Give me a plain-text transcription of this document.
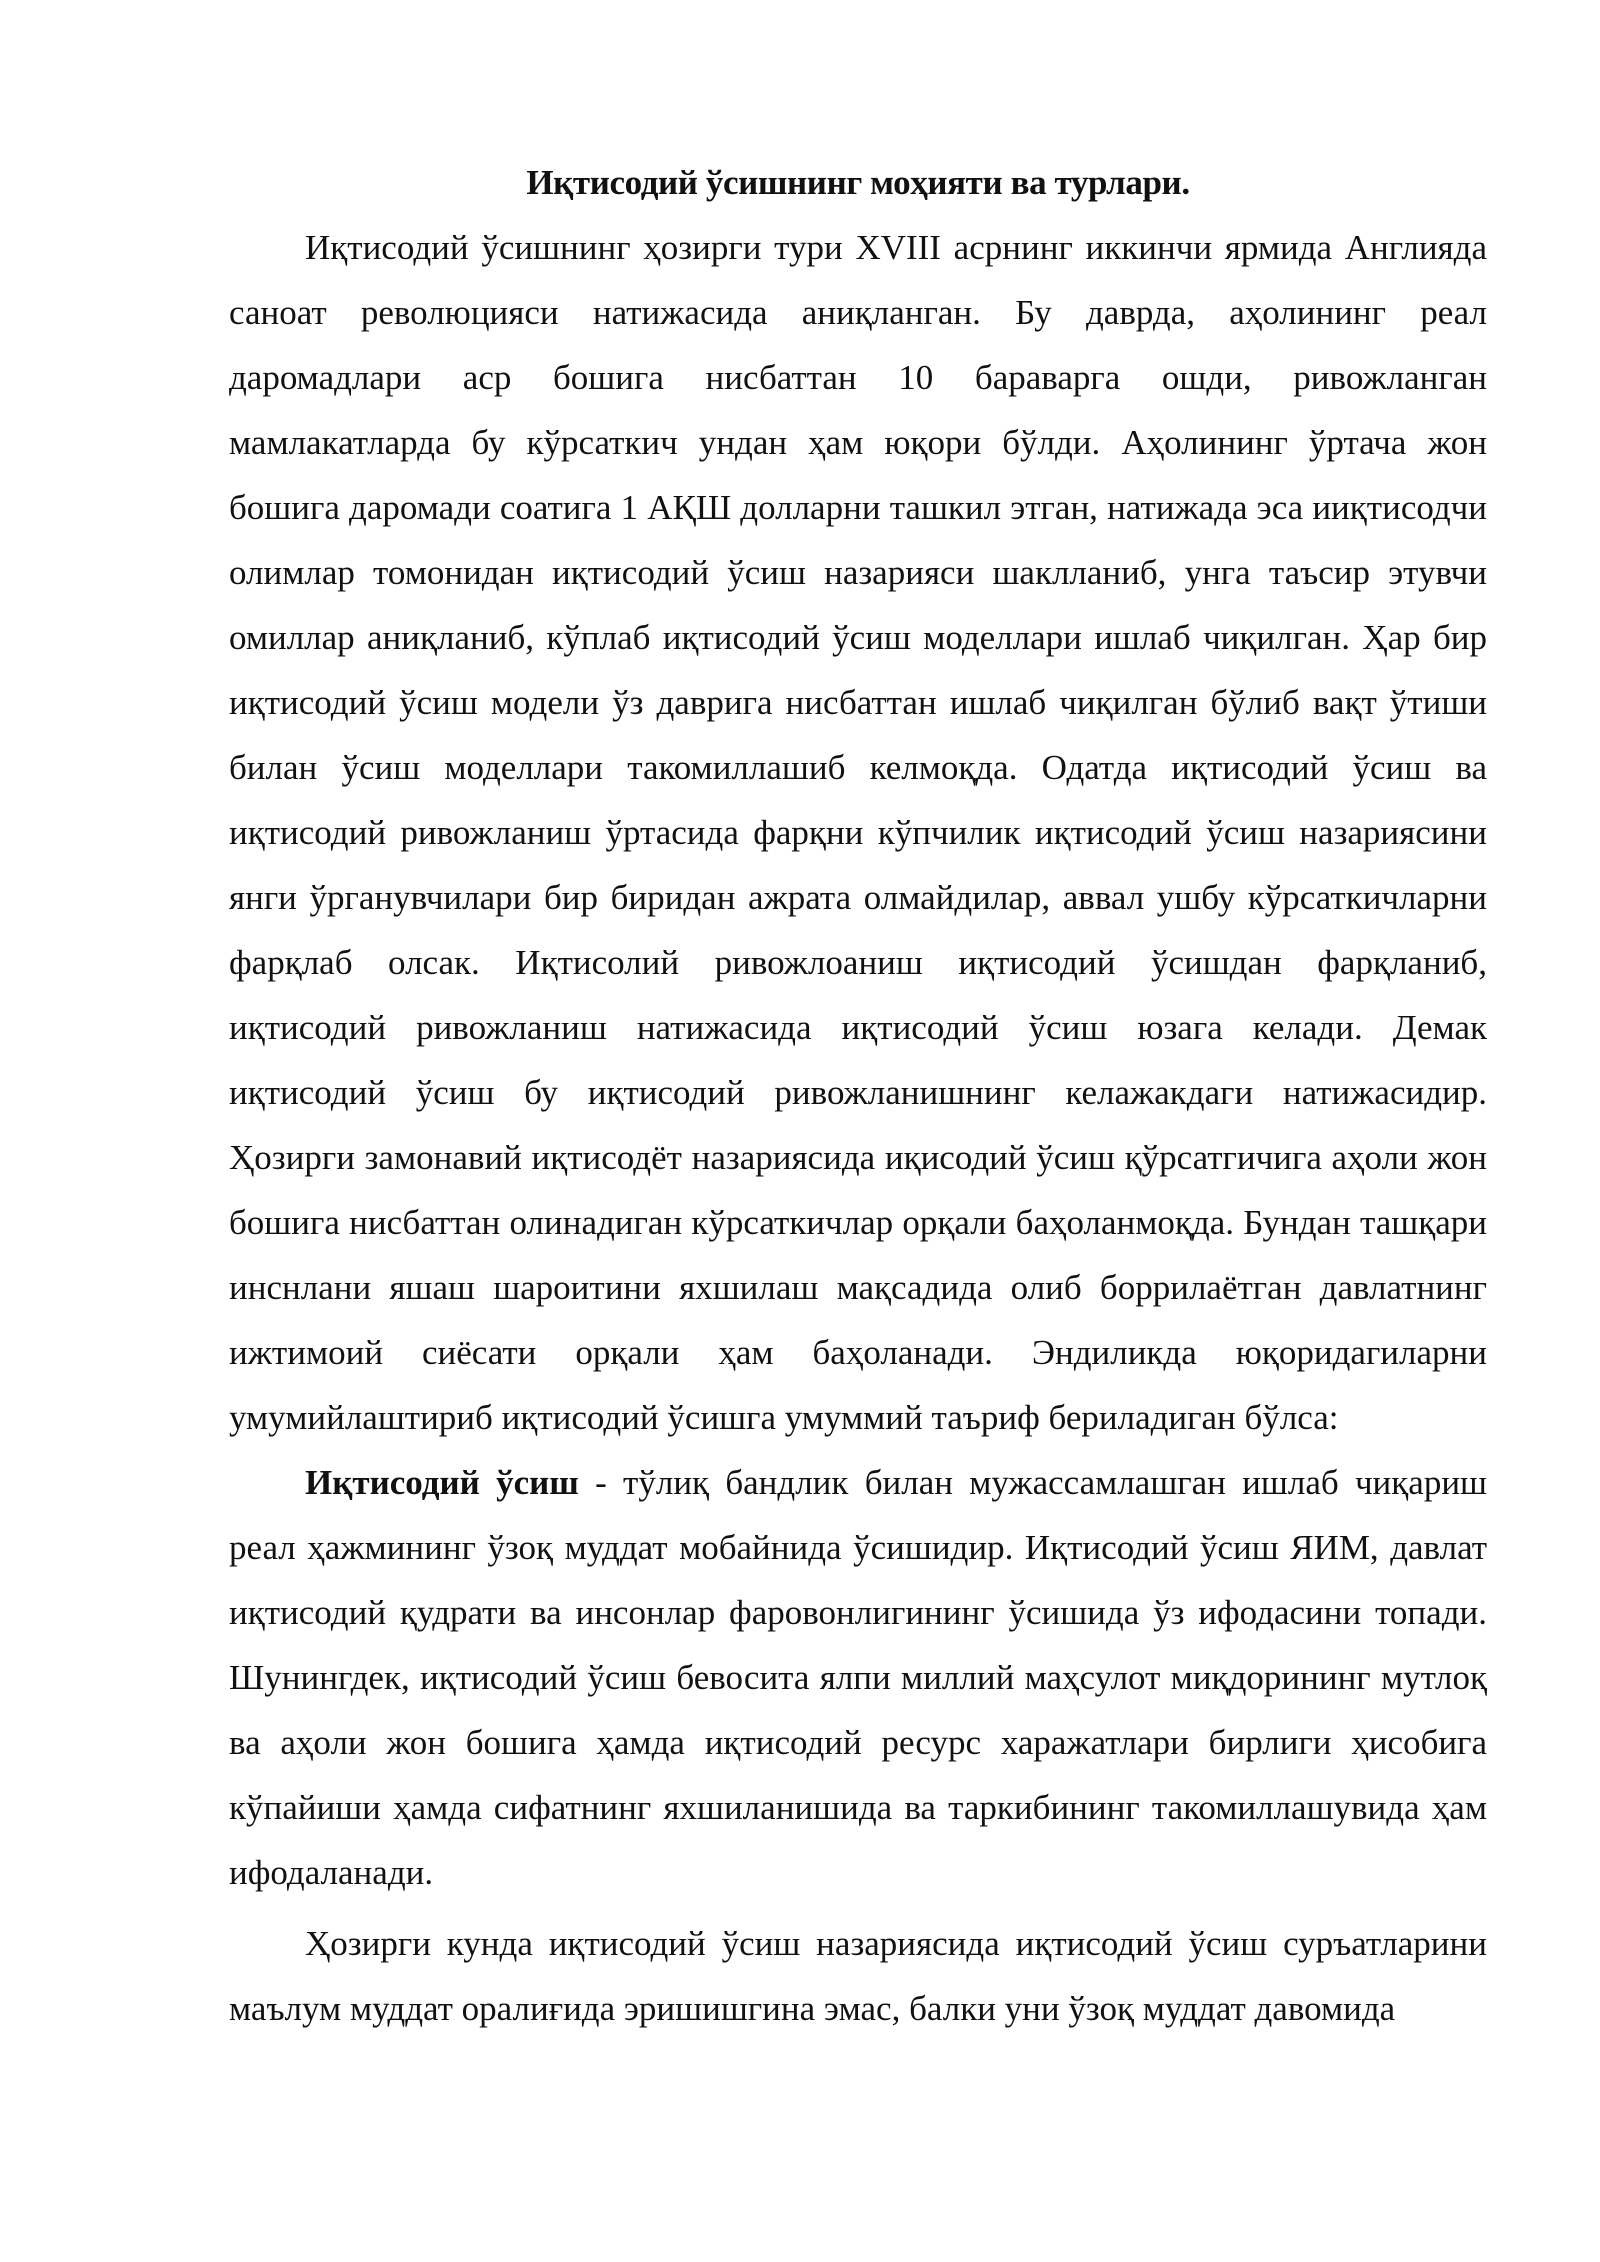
Иқтисодий ўсишнинг моҳияти ва турлари.

Иқтисодий ўсишнинг ҳозирги тури XVIII асрнинг иккинчи ярмида Англияда саноат революцияси натижасида аниқланган. Бу даврда, аҳолининг реал даромадлари аср бошига нисбаттан 10 бараварга ошди, ривожланган мамлакатларда бу кўрсаткич ундан ҳам юқори бўлди. Аҳолининг ўртача жон бошига даромади соатига 1 АҚШ долларни ташкил этган, натижада эса ииқтисодчи олимлар томонидан иқтисодий ўсиш назарияси шаклланиб, унга таъсир этувчи омиллар аниқланиб, кўплаб иқтисодий ўсиш моделлари ишлаб чиқилган. Ҳар бир иқтисодий ўсиш модели ўз даврига нисбаттан ишлаб чиқилган бўлиб вақт ўтиши билан ўсиш моделлари такомиллашиб келмоқда. Одатда иқтисодий ўсиш ва иқтисодий ривожланиш ўртасида фарқни кўпчилик иқтисодий ўсиш назариясини янги ўрганувчилари бир биридан ажрата олмайдилар, аввал ушбу кўрсаткичларни фарқлаб олсак. Иқтисолий ривожлоаниш иқтисодий ўсишдан фарқланиб, иқтисодий ривожланиш натижасида иқтисодий ўсиш юзага келади. Демак иқтисодий ўсиш бу иқтисодий ривожланишнинг келажакдаги натижасидир. Ҳозирги замонавий иқтисодёт назариясида иқисодий ўсиш қўрсатгичига аҳоли жон бошига нисбаттан олинадиган кўрсаткичлар орқали баҳоланмоқда. Бундан ташқари инснлани яшаш шароитини яхшилаш мақсадида олиб боррилаётган давлатнинг ижтимоий сиёсати орқали ҳам баҳоланади. Эндиликда юқоридагиларни умумийлаштириб иқтисодий ўсишга умуммий таъриф бериладиган бўлса:

Иқтисодий ўсиш - тўлиқ бандлик билан мужассамлашган ишлаб чиқариш реал ҳажмининг ўзоқ муддат мобайнида ўсишидир. Иқтисодий ўсиш ЯИМ, давлат иқтисодий қудрати ва инсонлар фаровонлигининг ўсишида ўз ифодасини топади. Шунингдек, иқтисодий ўсиш бевосита ялпи миллий маҳсулот миқдорининг мутлоқ ва аҳоли жон бошига ҳамда иқтисодий ресурс харажатлари бирлиги ҳисобига кўпайиши ҳамда сифатнинг яхшиланишида ва таркибининг такомиллашувида ҳам ифодаланади.

Ҳозирги кунда иқтисодий ўсиш назариясида иқтисодий ўсиш суръатларини маълум муддат оралиғида эришишгина эмас, балки уни ўзоқ муддат давомида
